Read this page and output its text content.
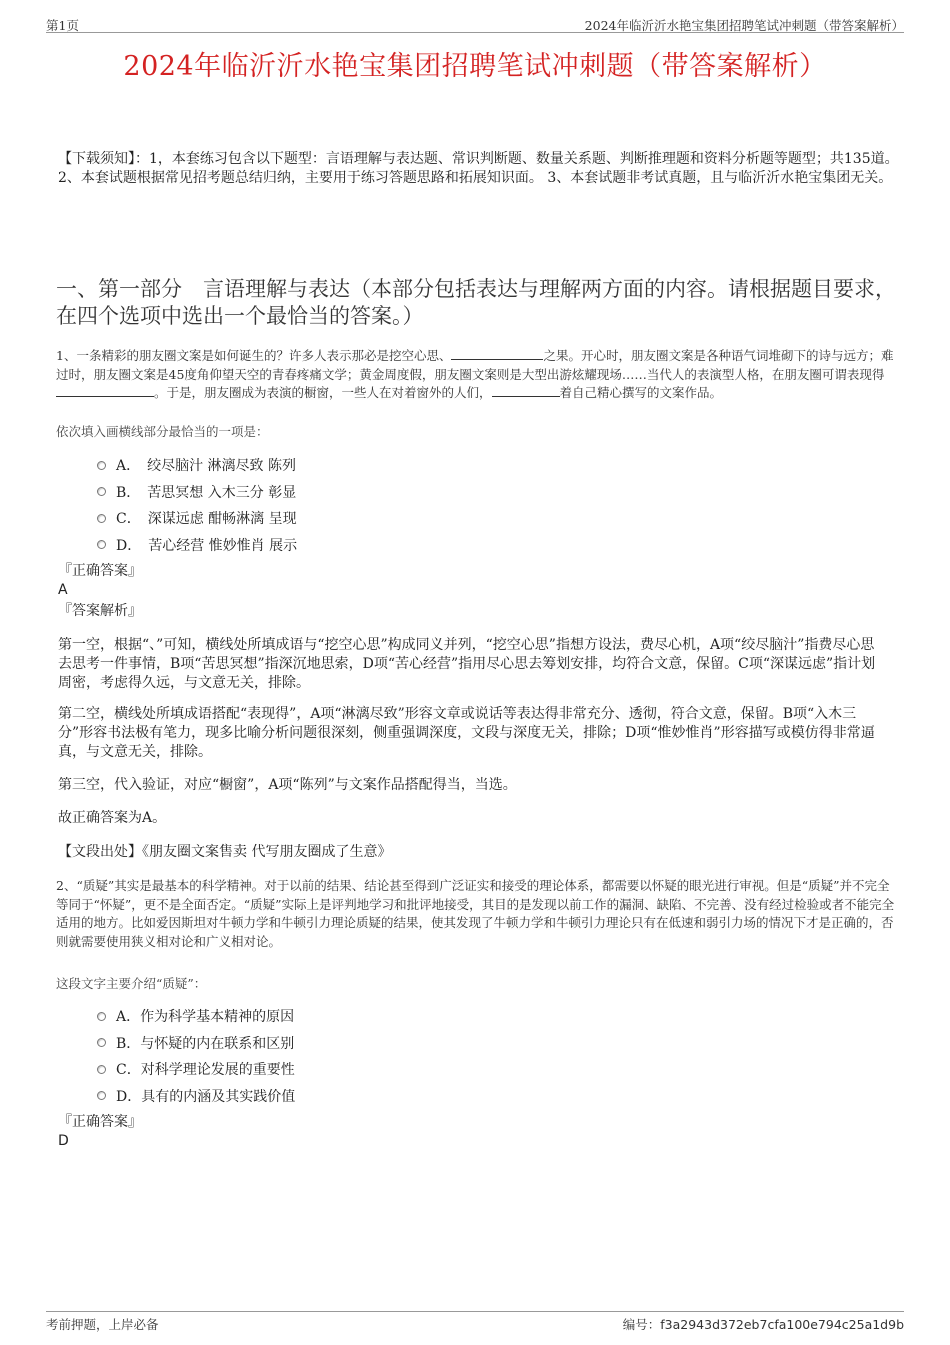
第1页	2024年临沂沂水艳宝集团招聘笔试冲刺题（带答案解析）
2024年临沂沂水艳宝集团招聘笔试冲刺题（带答案解析）
【下载须知】：1，本套练习包含以下题型：言语理解与表达题、常识判断题、数量关系题、判断推理题和资料分析题等题型；共135道。 2、本套试题根据常见招考题总结归纳，主要用于练习答题思路和拓展知识面。 3、本套试题非考试真题，且与临沂沂水艳宝集团无关。
一、第一部分　言语理解与表达（本部分包括表达与理解两方面的内容。请根据题目要求，在四个选项中选出一个最恰当的答案。）
1、一条精彩的朋友圈文案是如何诞生的？许多人表示那必是挖空心思、	之果。开心时，朋友圈文案是各种语气词堆砌下的诗与远方；难过时，朋友圈文案是45度角仰望天空的青春疼痛文学；黄金周度假，朋友圈文案则是大型出游炫耀现场……当代人的表演型人格，在朋友圈可谓表现得。于是，朋友圈成为表演的橱窗，一些人在对着窗外的人们，	着自己精心撰写的文案作品。
依次填入画横线部分最恰当的一项是：
A．　绞尽脑汁 淋漓尽致 陈列
B．　苦思冥想 入木三分 彰显
C．　深谋远虑 酣畅淋漓 呈现
D．　苦心经营 惟妙惟肖 展示
『正确答案』
A
『答案解析』
第一空，根据“、”可知，横线处所填成语与“挖空心思”构成同义并列，“挖空心思”指想方设法，费尽心机，A项“绞尽脑汁”指费尽心思去思考一件事情，B项“苦思冥想”指深沉地思索，D项“苦心经营”指用尽心思去筹划安排，均符合文意，保留。C项“深谋远虑”指计划周密，考虑得久远，与文意无关，排除。
第二空，横线处所填成语搭配“表现得”，A项“淋漓尽致”形容文章或说话等表达得非常充分、透彻，符合文意，保留。B项“入木三分”形容书法极有笔力，现多比喻分析问题很深刻，侧重强调深度，文段与深度无关，排除；D项“惟妙惟肖”形容描写或模仿得非常逼真，与文意无关，排除。
第三空，代入验证，对应“橱窗”，A项“陈列”与文案作品搭配得当，当选。
故正确答案为A。
【文段出处】《朋友圈文案售卖 代写朋友圈成了生意》
2、“质疑”其实是最基本的科学精神。对于以前的结果、结论甚至得到广泛证实和接受的理论体系，都需要以怀疑的眼光进行审视。但是“质疑”并不完全等同于“怀疑”，更不是全面否定。“质疑”实际上是评判地学习和批评地接受，其目的是发现以前工作的漏洞、缺陷、不完善、没有经过检验或者不能完全适用的地方。比如爱因斯坦对牛顿力学和牛顿引力理论质疑的结果，使其发现了牛顿力学和牛顿引力理论只有在低速和弱引力场的情况下才是正确的，否则就需要使用狭义相对论和广义相对论。
这段文字主要介绍“质疑”：
A．作为科学基本精神的原因
B．与怀疑的内在联系和区别
C．对科学理论发展的重要性
D．具有的内涵及其实践价值
『正确答案』
D
考前押题，上岸必备	编号：f3a2943d372eb7cfa100e794c25a1d9b
